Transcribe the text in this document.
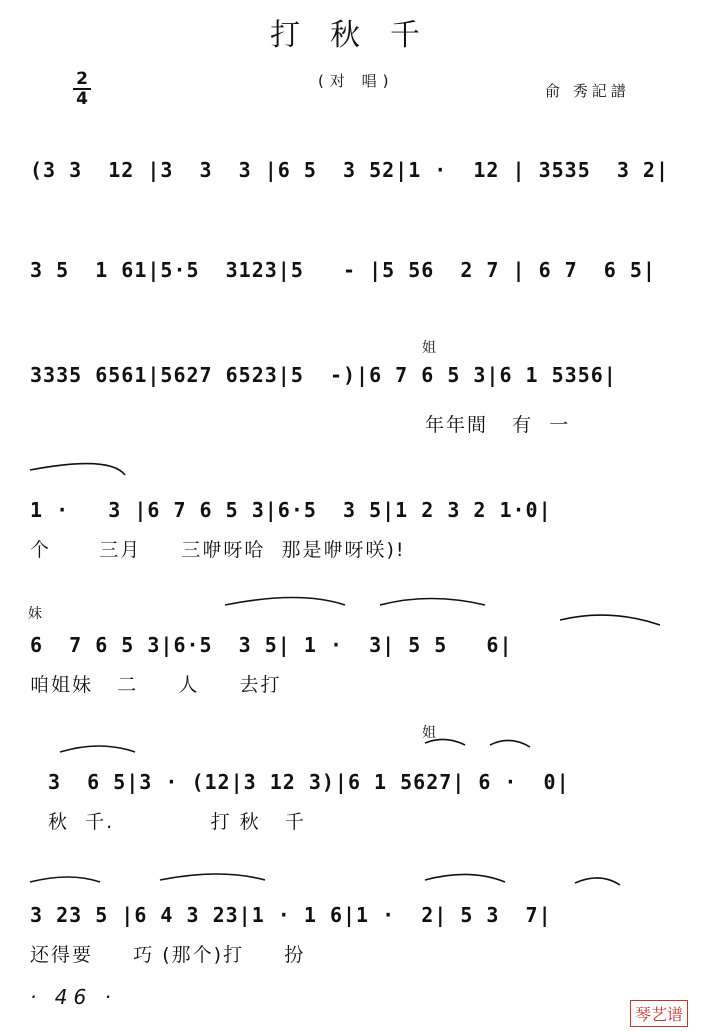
打秋千
(对 唱)
俞 秀記譜
2
4
(3 3  12 |3  3  3 |6 5  3 52|1 ·  12 | 3535  3 2|
3 5  1 61|5·5  3123|5   - |5 56  2 7 | 6 7  6 5|
姐
3335 6561|5627 6523|5  -)|6 7 6 5 3|6 1 5356|
年年間   有  一
1 ·   3 |6 7 6 5 3|6·5  3 5|1 2 3 2 1·0|
个      三月     三咿呀哈  那是咿呀咲)!
妹
6  7 6 5 3|6·5  3 5| 1 ·  3| 5 5   6|
咱姐妹   二     人     去打
姐
3  6 5|3 · (12|3 12 3)|6 1 5627| 6 ·  0|
秋  千.            打 秋   千
3 23 5 |6 4 3 23|1 · 1 6|1 ·  2| 5 3  7|
还得要     巧 (那个)打     扮
· 46 ·
琴艺谱
